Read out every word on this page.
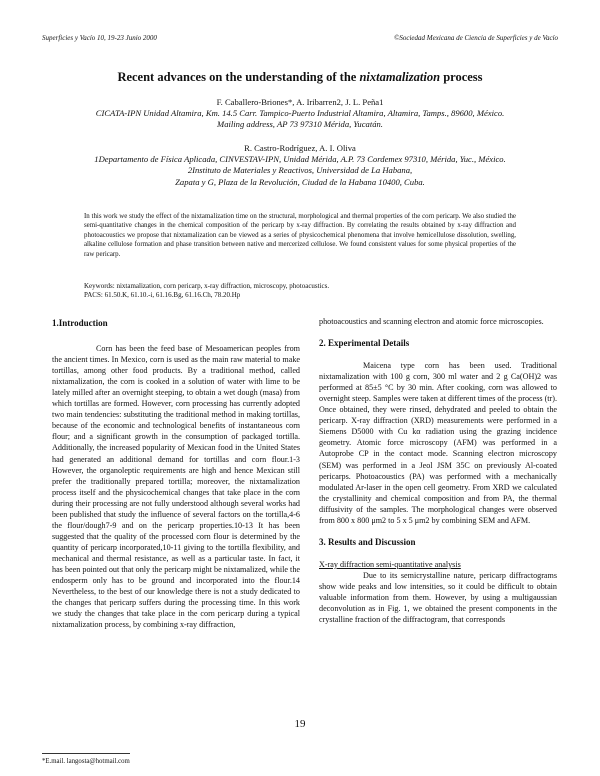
Superficies y Vacío 10, 19-23 Junio 2000	©Sociedad Mexicana de Ciencia de Superficies y de Vacío
Recent advances on the understanding of the nixtamalization process
F. Caballero-Briones*, A. Iribarren2, J. L. Peña1
CICATA-IPN Unidad Altamira, Km. 14.5 Carr. Tampico-Puerto Industrial Altamira, Altamira, Tamps., 89600, México.
Mailing address, AP 73 97310 Mérida, Yucatán.
R. Castro-Rodríguez, A. I. Oliva
1Departamento de Física Aplicada, CINVESTAV-IPN, Unidad Mérida, A.P. 73 Cordemex 97310, Mérida, Yuc., México.
2Instituto de Materiales y Reactivos, Universidad de La Habana,
Zapata y G, Plaza de la Revolución, Ciudad de la Habana 10400, Cuba.
In this work we study the effect of the nixtamalization time on the structural, morphological and thermal properties of the corn pericarp. We also studied the semi-quantitative changes in the chemical composition of the pericarp by x-ray diffraction. By correlating the results obtained by x-ray diffraction and photoacoustics we propose that nixtamalization can be viewed as a series of physicochemical phenomena that involve hemicellulose dissolution, swelling, alkaline cellulose formation and phase transition between native and mercerized cellulose. We found consistent values for some physical properties of the raw pericarp.
Keywords: nixtamalization, corn pericarp, x-ray diffraction, microscopy, photoacustics.
PACS: 61.50.K, 61.10.-i, 61.16.Bg, 61.16.Ch, 78.20.Hp
1.Introduction
Corn has been the feed base of Mesoamerican peoples from the ancient times. In Mexico, corn is used as the main raw material to make tortillas, among other food products. By a traditional method, called nixtamalization, the corn is cooked in a solution of water with lime to be lately milled after an overnight steeping, to obtain a wet dough (masa) from which tortillas are formed. However, corn processing has currently adopted two main tendencies: substituting the traditional method in making tortillas, because of the economic and technological benefits of instantaneous corn flour; and a significant growth in the consumption of packaged tortilla. Additionally, the increased popularity of Mexican food in the United States had generated an additional demand for tortillas and corn flour.1-3 However, the organoleptic requirements are high and hence Mexican still prefer the traditionally prepared tortilla; moreover, the nixtamalization process itself and the physicochemical changes that take place in the corn during their processing are not fully understood although several works had been published that study the influence of several factors on the tortilla,4-6 the flour/dough7-9 and on the pericarp properties.10-13 It has been suggested that the quality of the processed corn flour is determined by the quantity of pericarp incorporated,10-11 giving to the tortilla flexibility, and mechanical and thermal resistance, as well as a particular taste. In fact, it has been pointed out that only the pericarp might be nixtamalized, while the endosperm only has to be ground and incorporated into the flour.14 Nevertheless, to the best of our knowledge there is not a study dedicated to the changes that pericarp suffers during the processing time. In this work we study the changes that take place in the corn pericarp during a typical nixtamalization process, by combining x-ray diffraction,
photoacoustics and scanning electron and atomic force microscopies.
2. Experimental Details
Maicena type corn has been used. Traditional nixtamalization with 100 g corn, 300 ml water and 2 g Ca(OH)2 was performed at 85±5 °C by 30 min. After cooking, corn was allowed to overnight steep. Samples were taken at different times of the process (tr). Once obtained, they were rinsed, dehydrated and peeled to obtain the pericarp. X-ray diffraction (XRD) measurements were performed in a Siemens D5000 with Cu kα radiation using the grazing incidence geometry. Atomic force microscopy (AFM) was performed in a Autoprobe CP in the contact mode. Scanning electron microscopy (SEM) was performed in a Jeol JSM 35C on previously Al-coated pericarps. Photoacoustics (PA) was performed with a mechanically modulated Ar-laser in the open cell geometry. From XRD we calculated the crystallinity and chemical composition and from PA, the thermal diffusivity of the samples. The morphological changes were observed from 800 x 800 μm2 to 5 x 5 μm2 by combining SEM and AFM.
3. Results and Discussion
X-ray diffraction semi-quantitative analysis
Due to its semicrystalline nature, pericarp diffractograms show wide peaks and low intensities, so it could be difficult to obtain valuable information from them. However, by using a multigaussian deconvolution as in Fig. 1, we obtained the present components in the crystalline fraction of the diffractogram, that corresponds
19
*E.mail. langosta@hotmail.com
